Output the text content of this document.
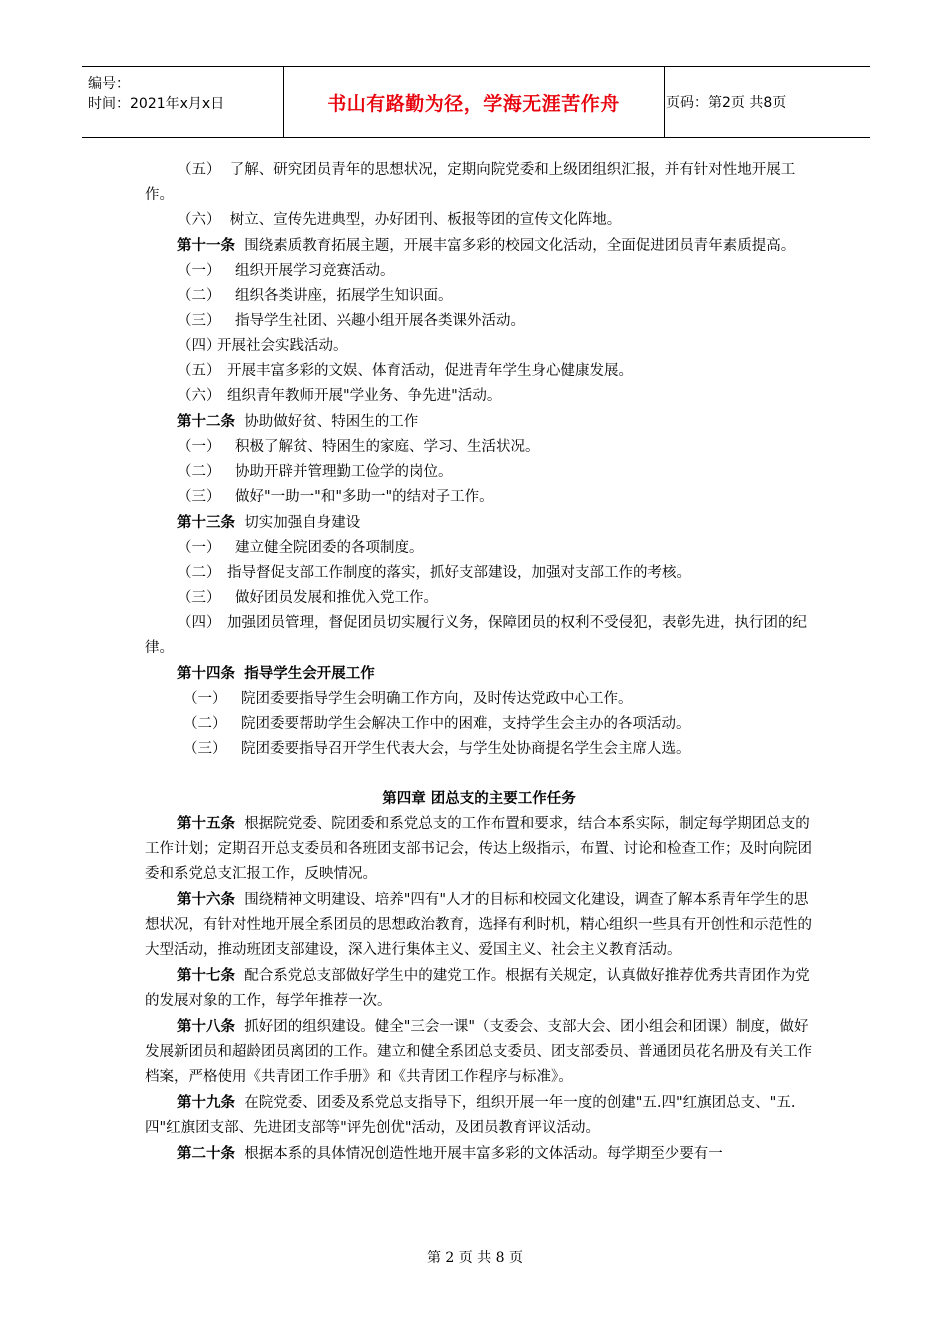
编号：
时间：2021年x月x日	书山有路勤为径，学海无涯苦作舟	页码：第2页 共8页

（五） 了解、研究团员青年的思想状况，定期向院党委和上级团组织汇报，并有针对性地开展工作。

（六） 树立、宣传先进典型，办好团刊、板报等团的宣传文化阵地。

第十一条 围绕素质教育拓展主题，开展丰富多彩的校园文化活动，全面促进团员青年素质提高。

（一） 组织开展学习竞赛活动。

（二） 组织各类讲座，拓展学生知识面。

（三） 指导学生社团、兴趣小组开展各类课外活动。

（四）开展社会实践活动。

（五） 开展丰富多彩的文娱、体育活动，促进青年学生身心健康发展。

（六） 组织青年教师开展"学业务、争先进"活动。

第十二条 协助做好贫、特困生的工作

（一） 积极了解贫、特困生的家庭、学习、生活状况。

（二） 协助开辟并管理勤工俭学的岗位。

（三） 做好"一助一"和"多助一"的结对子工作。

第十三条 切实加强自身建设

（一） 建立健全院团委的各项制度。

（二） 指导督促支部工作制度的落实，抓好支部建设，加强对支部工作的考核。

（三） 做好团员发展和推优入党工作。

（四） 加强团员管理，督促团员切实履行义务，保障团员的权利不受侵犯，表彰先进，执行团的纪律。

第十四条 指导学生会开展工作

（一） 院团委要指导学生会明确工作方向，及时传达党政中心工作。

（二） 院团委要帮助学生会解决工作中的困难，支持学生会主办的各项活动。

（三） 院团委要指导召开学生代表大会，与学生处协商提名学生会主席人选。

第四章 团总支的主要工作任务

第十五条 根据院党委、院团委和系党总支的工作布置和要求，结合本系实际，制定每学期团总支的工作计划；定期召开总支委员和各班团支部书记会，传达上级指示，布置、讨论和检查工作；及时向院团委和系党总支汇报工作，反映情况。

第十六条 围绕精神文明建设、培养"四有"人才的目标和校园文化建设，调查了解本系青年学生的思想状况，有针对性地开展全系团员的思想政治教育，选择有利时机，精心组织一些具有开创性和示范性的大型活动，推动班团支部建设，深入进行集体主义、爱国主义、社会主义教育活动。

第十七条 配合系党总支部做好学生中的建党工作。根据有关规定，认真做好推荐优秀共青团作为党的发展对象的工作，每学年推荐一次。

第十八条 抓好团的组织建设。健全"三会一课"（支委会、支部大会、团小组会和团课）制度，做好发展新团员和超龄团员离团的工作。建立和健全系团总支委员、团支部委员、普通团员花名册及有关工作档案，严格使用《共青团工作手册》和《共青团工作程序与标准》。

第十九条 在院党委、团委及系党总支指导下，组织开展一年一度的创建"五.四"红旗团总支、"五.四"红旗团支部、先进团支部等"评先创优"活动，及团员教育评议活动。

第二十条 根据本系的具体情况创造性地开展丰富多彩的文体活动。每学期至少要有一

第 2 页 共 8 页
